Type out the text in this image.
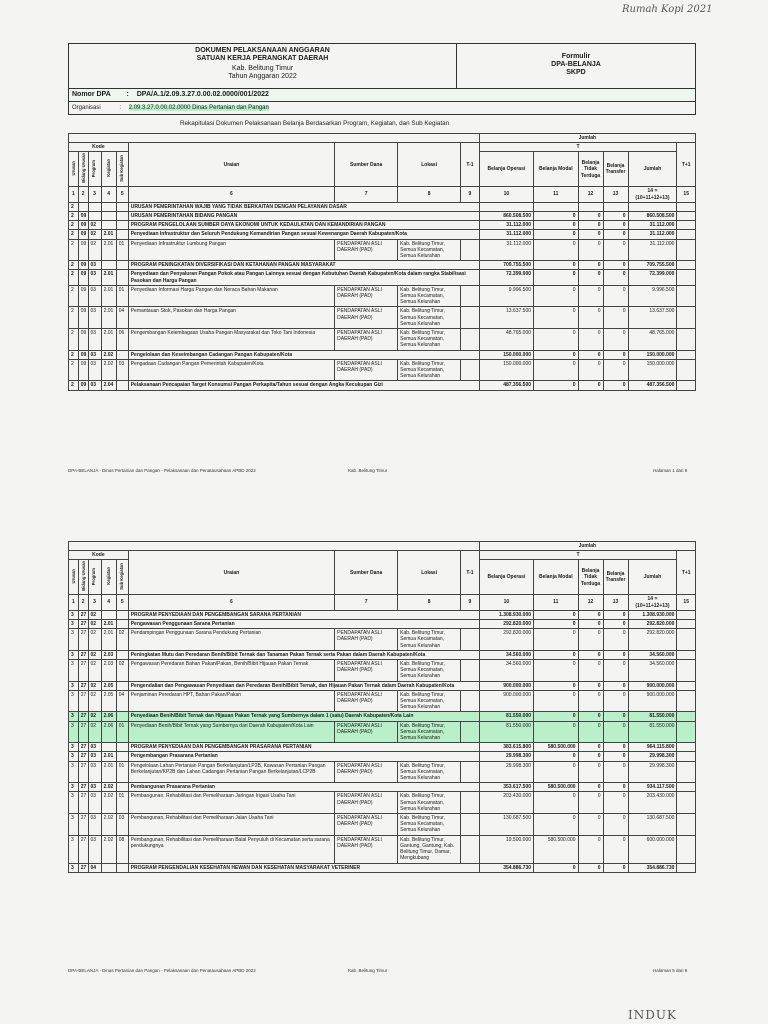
Rumah Kopi 2021
INDUK
DOKUMEN PELAKSANAAN ANGGARAN
SATUAN KERJA PERANGKAT DAERAH
Kab. Belitung Timur
Tahun Anggaran 2022
Formulir
DPA-BELANJA
SKPD
Nomor DPA : DPA/A.1/2.09.3.27.0.00.02.0000/001/2022
Organisasi	: 2.09.3.27.0.00.02.0000 Dinas Pertanian dan Pangan
Rekapitulasi Dokumen Pelaksanaan Belanja Berdasarkan Program, Kegiatan, dan Sub Kegiatan
									Jumlah					
Kode					Uraian	Sumber Dana	Lokasi	T-1	T					T+1
Urusan	Bidang Urusan	Program	Kegiatan	Sub Kegiatan					Belanja Operasi	Belanja Modal	Belanja Tidak Terduga	Belanja Transfer	Jumlah	
1	2	3	4	5	6	7	8	9	10	11	12	13	14 = (10+11+12+13)	15
2					URUSAN PEMERINTAHAN WAJIB YANG TIDAK BERKAITAN DENGAN PELAYANAN DASAR									
2	09				URUSAN PEMERINTAHAN BIDANG PANGAN				860.508.500	0	0	0	860.508.500	
2	09	02			PROGRAM PENGELOLAAN SUMBER DAYA EKONOMI UNTUK KEDAULATAN DAN KEMANDIRIAN PANGAN				31.112.000	0	0	0	31.112.000	
2	09	02	2.01		Penyediaan Infrastruktur dan Seluruh Pendukung Kemandirian Pangan sesuai Kewenangan Daerah Kabupaten/Kota				31.112.000	0	0	0	31.112.000	
2	09	02	2.01	01	Penyediaan Infrastruktur Lumbung Pangan	PENDAPATAN ASLI DAERAH (PAD)	Kab. Belitung Timur, Semua Kecamatan, Semua Kelurahan		31.112.000	0	0	0	31.112.000	
2	09	03			PROGRAM PENINGKATAN DIVERSIFIKASI DAN KETAHANAN PANGAN MASYARAKAT				709.755.500	0	0	0	709.755.500	
2	09	03	2.01		Penyediaan dan Penyaluran Pangan Pokok atau Pangan Lainnya sesuai dengan Kebutuhan Daerah Kabupaten/Kota dalam rangka Stabilisasi Pasokan dan Harga Pangan				72.399.000	0	0	0	72.399.000	
2	09	03	2.01	01	Penyediaan Informasi Harga Pangan dan Neraca Bahan Makanan	PENDAPATAN ASLI DAERAH (PAD)	Kab. Belitung Timur, Semua Kecamatan, Semua Kelurahan		9.996.500	0	0	0	9.996.500	
2	09	03	2.01	04	Pemantauan Stok, Pasokan dan Harga Pangan	PENDAPATAN ASLI DAERAH (PAD)	Kab. Belitung Timur, Semua Kecamatan, Semua Kelurahan		13.637.500	0	0	0	13.637.500	
2	09	03	2.01	06	Pengembangan Kelembagaan Usaha Pangan Masyarakat dan Toko Tani Indonesia	PENDAPATAN ASLI DAERAH (PAD)	Kab. Belitung Timur, Semua Kecamatan, Semua Kelurahan		48.765.000	0	0	0	48.765.000	
2	09	03	2.02		Pengelolaan dan Keseimbangan Cadangan Pangan Kabupaten/Kota				150.000.000	0	0	0	150.000.000	
2	09	03	2.02	03	Pengadaan Cadangan Pangan Pemerintah Kabupaten/Kota	PENDAPATAN ASLI DAERAH (PAD)	Kab. Belitung Timur, Semua Kecamatan, Semua Kelurahan		150.000.000	0	0	0	150.000.000	
2	09	03	2.04		Pelaksanaan Pencapaian Target Konsumsi Pangan Perkapita/Tahun sesuai dengan Angka Kecukupan Gizi				487.356.500	0	0	0	487.356.500	
DPA-BELANJA - Dinas Pertanian dan Pangan - Pelaksanaan dan Penatausahaan APBD 2022	Kab. Belitung Timur	Halaman 1 dari 9
									Jumlah					
Kode					Uraian	Sumber Dana	Lokasi	T-1	T					T+1
Urusan	Bidang Urusan	Program	Kegiatan	Sub Kegiatan					Belanja Operasi	Belanja Modal	Belanja Tidak Terduga	Belanja Transfer	Jumlah	
1	2	3	4	5	6	7	8	9	10	11	12	13	14 = (10+11+12+13)	15
3	27	02			PROGRAM PENYEDIAAN DAN PENGEMBANGAN SARANA PERTANIAN				1.308.930.000	0	0	0	1.308.930.000	
3	27	02	2.01		Pengawasan Penggunaan Sarana Pertanian				292.820.000	0	0	0	292.820.000	
3	27	02	2.01	02	Pendampingan Penggunaan Sarana Pendukung Pertanian	PENDAPATAN ASLI DAERAH (PAD)	Kab. Belitung Timur, Semua Kecamatan, Semua Kelurahan		292.820.000	0	0	0	292.820.000	
3	27	02	2.03		Peningkatan Mutu dan Peredaran Benih/Bibit Ternak dan Tanaman Pakan Ternak serta Pakan dalam Daerah Kabupaten/Kota				34.560.000	0	0	0	34.560.000	
3	27	02	2.03	02	Pengawasan Peredaran Bahan Pakan/Pakan, Benih/Bibit Hijauan Pakan Ternak	PENDAPATAN ASLI DAERAH (PAD)	Kab. Belitung Timur, Semua Kecamatan, Semua Kelurahan		34.560.000	0	0	0	34.560.000	
3	27	02	2.05		Pengendalian dan Pengawasan Penyediaan dan Peredaran Benih/Bibit Ternak, dan Hijauan Pakan Ternak dalam Daerah Kabupaten/Kota				900.000.000	0	0	0	900.000.000	
3	27	02	2.05	04	Penjaminan Peredaran HPT, Bahan Pakan/Pakan	PENDAPATAN ASLI DAERAH (PAD)	Kab. Belitung Timur, Semua Kecamatan, Semua Kelurahan		900.000.000	0	0	0	900.000.000	
3	27	02	2.06		Penyediaan Benih/Bibit Ternak dan Hijauan Pakan Ternak yang Sumbernya dalam 1 (satu) Daerah Kabupaten/Kota Lain				81.550.000	0	0	0	81.550.000	
3	27	02	2.06	01	Penyediaan Benih/Bibit Ternak yang Sumbernya dari Daerah Kabupaten/Kota Lain	PENDAPATAN ASLI DAERAH (PAD)	Kab. Belitung Timur, Semua Kecamatan, Semua Kelurahan		81.550.000	0	0	0	81.550.000	
3	27	03			PROGRAM PENYEDIAAN DAN PENGEMBANGAN PRASARANA PERTANIAN				383.615.800	580.500.000	0	0	964.115.800	
3	27	03	2.01		Pengembangan Prasarana Pertanian				29.998.300	0	0	0	29.998.300	
3	27	03	2.01	01	Pengelolaan Lahan Pertanian Pangan Berkelanjutan/LP2B, Kawasan Pertanian Pangan Berkelanjutan/KP2B dan Lahan Cadangan Pertanian Pangan Berkelanjutan/LCP2B	PENDAPATAN ASLI DAERAH (PAD)	Kab. Belitung Timur, Semua Kecamatan, Semua Kelurahan		29.998.300	0	0	0	29.998.300	
3	27	03	2.02		Pembangunan Prasarana Pertanian				353.617.500	580.500.000	0	0	934.117.500	
3	27	03	2.02	01	Pembangunan, Rehabilitasi dan Pemeliharaan Jaringan Irigasi Usaha Tani	PENDAPATAN ASLI DAERAH (PAD)	Kab. Belitung Timur, Semua Kecamatan, Semua Kelurahan		203.430.000	0	0	0	203.430.000	
3	27	03	2.02	03	Pembangunan, Rehabilitasi dan Pemeliharaan Jalan Usaha Tani	PENDAPATAN ASLI DAERAH (PAD)	Kab. Belitung Timur, Semua Kecamatan, Semua Kelurahan		130.687.500	0	0	0	130.687.500	
3	27	03	2.02	08	Pembangunan, Rehabilitasi dan Pemeliharaan Balai Penyuluh di Kecamatan serta sarana pendukungnya	PENDAPATAN ASLI DAERAH (PAD)	Kab. Belitung Timur, Gantung, Gantung; Kab. Belitung Timur, Damar, Mengkubang		19.500.000	580.500.000	0	0	600.000.000	
3	27	04			PROGRAM PENGENDALIAN KESEHATAN HEWAN DAN KESEHATAN MASYARAKAT VETERINER				354.886.730	0	0	0	354.886.730	
DPA-BELANJA - Dinas Pertanian dan Pangan - Pelaksanaan dan Penatausahaan APBD 2022	Kab. Belitung Timur	Halaman 5 dari 9
